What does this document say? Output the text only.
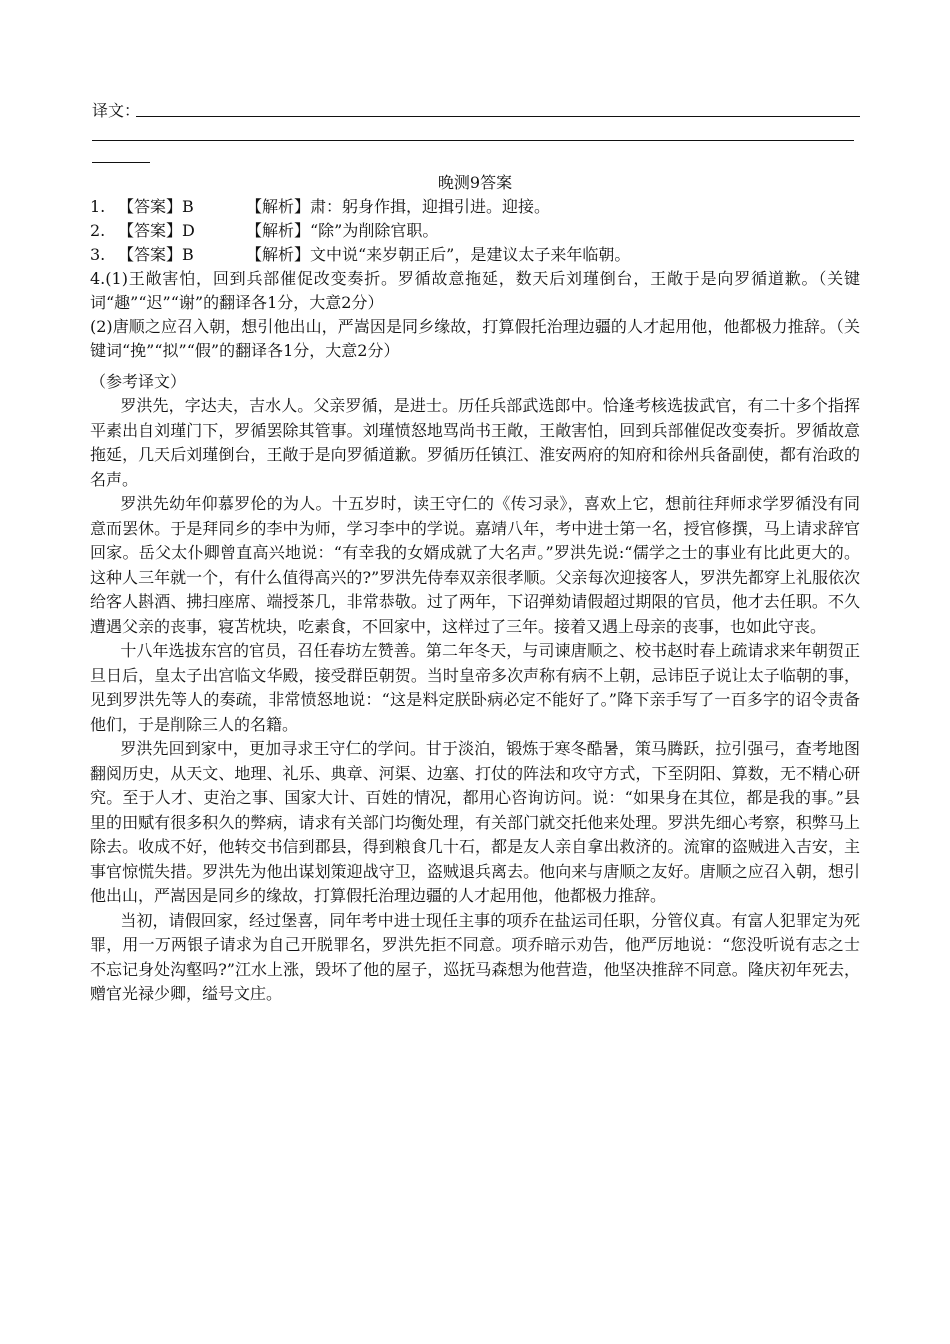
译文：
晚测9答案
1. 【答案】B	【解析】肃：躬身作揖，迎揖引进。迎接。
2. 【答案】D	【解析】“除”为削除官职。
3. 【答案】B	【解析】文中说“来岁朝正后”，是建议太子来年临朝。
4.(1)王敞害怕，回到兵部催促改变奏折。罗循故意拖延，数天后刘瑾倒台，王敞于是向罗循道歉。（关键词“趣”“迟”“谢”的翻译各1分，大意2分）
(2)唐顺之应召入朝，想引他出山，严嵩因是同乡缘故，打算假托治理边疆的人才起用他，他都极力推辞。（关键词“挽”“拟”“假”的翻译各1分，大意2分）
（参考译文）

罗洪先，字达夫，吉水人。父亲罗循，是进士。历任兵部武选郎中。恰逢考核选拔武官，有二十多个指挥平素出自刘瑾门下，罗循罢除其管事。刘瑾愤怒地骂尚书王敞，王敞害怕，回到兵部催促改变奏折。罗循故意拖延，几天后刘瑾倒台，王敞于是向罗循道歉。罗循历任镇江、淮安两府的知府和徐州兵备副使，都有治政的名声。

罗洪先幼年仰慕罗伦的为人。十五岁时，读王守仁的《传习录》，喜欢上它，想前往拜师求学罗循没有同意而罢休。于是拜同乡的李中为师，学习李中的学说。嘉靖八年，考中进士第一名，授官修撰，马上请求辞官回家。岳父太仆卿曾直高兴地说：“有幸我的女婿成就了大名声。”罗洪先说:“儒学之士的事业有比此更大的。这种人三年就一个，有什么值得高兴的?”罗洪先侍奉双亲很孝顺。父亲每次迎接客人，罗洪先都穿上礼服依次给客人斟酒、拂扫座席、端授茶几，非常恭敬。过了两年，下诏弹劾请假超过期限的官员，他才去任职。不久遭遇父亲的丧事，寝苫枕块，吃素食，不回家中，这样过了三年。接着又遇上母亲的丧事，也如此守丧。

十八年选拔东宫的官员，召任春坊左赞善。第二年冬天，与司谏唐顺之、校书赵时春上疏请求来年朝贺正旦日后，皇太子出宫临文华殿，接受群臣朝贺。当时皇帝多次声称有病不上朝，忌讳臣子说让太子临朝的事，见到罗洪先等人的奏疏，非常愤怒地说：“这是料定朕卧病必定不能好了。”降下亲手写了一百多字的诏令责备他们，于是削除三人的名籍。

罗洪先回到家中，更加寻求王守仁的学问。甘于淡泊，锻炼于寒冬酷暑，策马腾跃，拉引强弓，查考地图翻阅历史，从天文、地理、礼乐、典章、河渠、边塞、打仗的阵法和攻守方式，下至阴阳、算数，无不精心研究。至于人才、吏治之事、国家大计、百姓的情况，都用心咨询访问。说：“如果身在其位，都是我的事。”县里的田赋有很多积久的弊病，请求有关部门均衡处理，有关部门就交托他来处理。罗洪先细心考察，积弊马上除去。收成不好，他转交书信到郡县，得到粮食几十石，都是友人亲自拿出救济的。流窜的盗贼进入吉安，主事官惊慌失措。罗洪先为他出谋划策迎战守卫，盗贼退兵离去。他向来与唐顺之友好。唐顺之应召入朝，想引他出山，严嵩因是同乡的缘故，打算假托治理边疆的人才起用他，他都极力推辞。

当初，请假回家，经过堡喜，同年考中进士现任主事的项乔在盐运司任职，分管仪真。有富人犯罪定为死罪，用一万两银子请求为自己开脱罪名，罗洪先拒不同意。项乔暗示劝告，他严厉地说：“您没听说有志之士不忘记身处沟壑吗?”江水上涨，毁坏了他的屋子，巡抚马森想为他营造，他坚决推辞不同意。隆庆初年死去，赠官光禄少卿，缢号文庄。
